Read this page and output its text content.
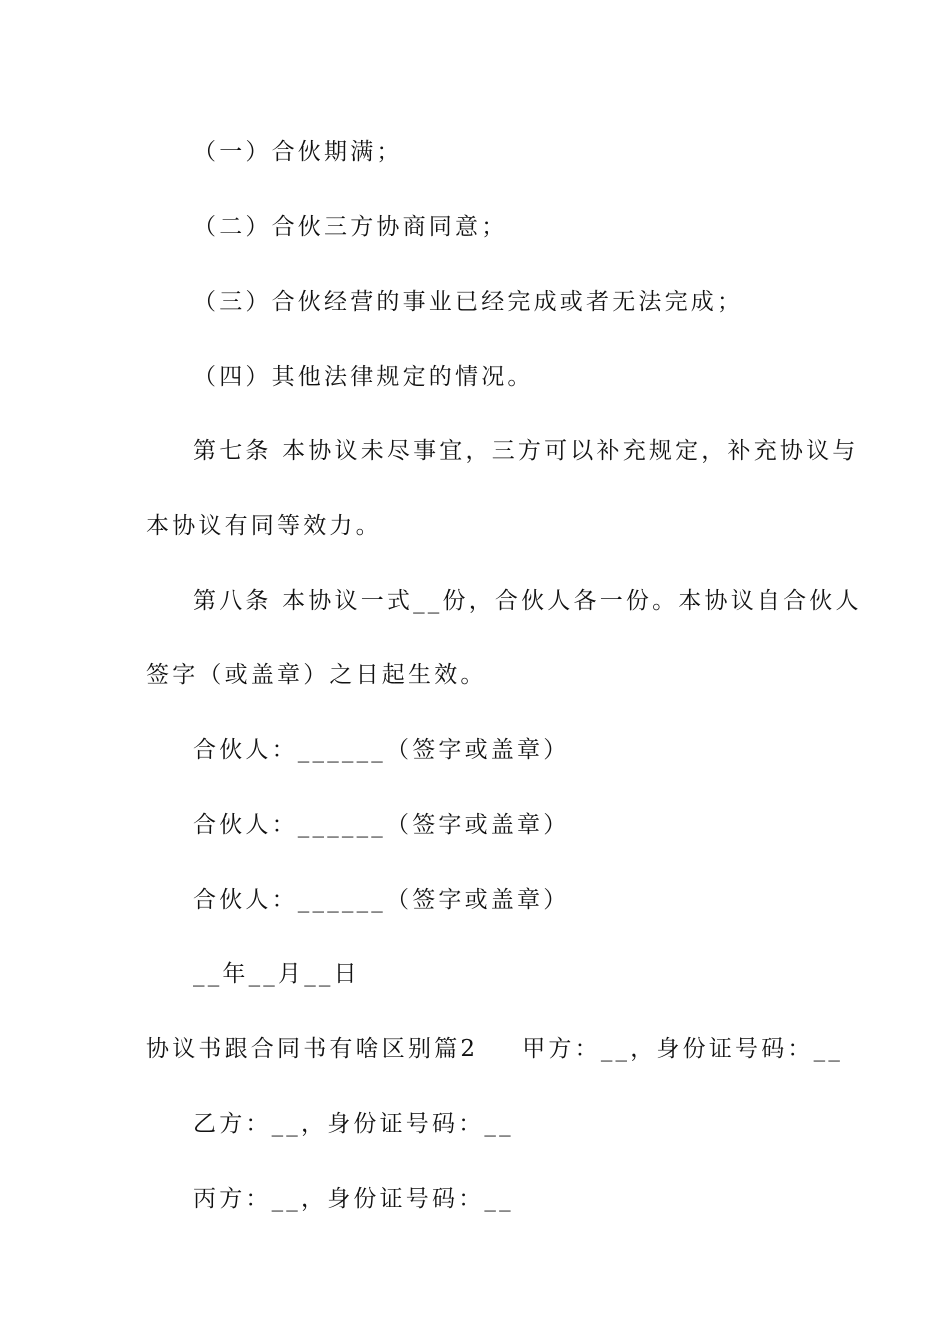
（一）合伙期满；
（二）合伙三方协商同意；
（三）合伙经营的事业已经完成或者无法完成；
（四）其他法律规定的情况。
第七条 本协议未尽事宜，三方可以补充规定，补充协议与
本协议有同等效力。
第八条 本协议一式__份，合伙人各一份。本协议自合伙人
签字（或盖章）之日起生效。
合伙人：______（签字或盖章）
合伙人：______（签字或盖章）
合伙人：______（签字或盖章）
__年__月__日
协议书跟合同书有啥区别篇2 甲方：__，身份证号码：__
乙方：__，身份证号码：__
丙方：__，身份证号码：__
